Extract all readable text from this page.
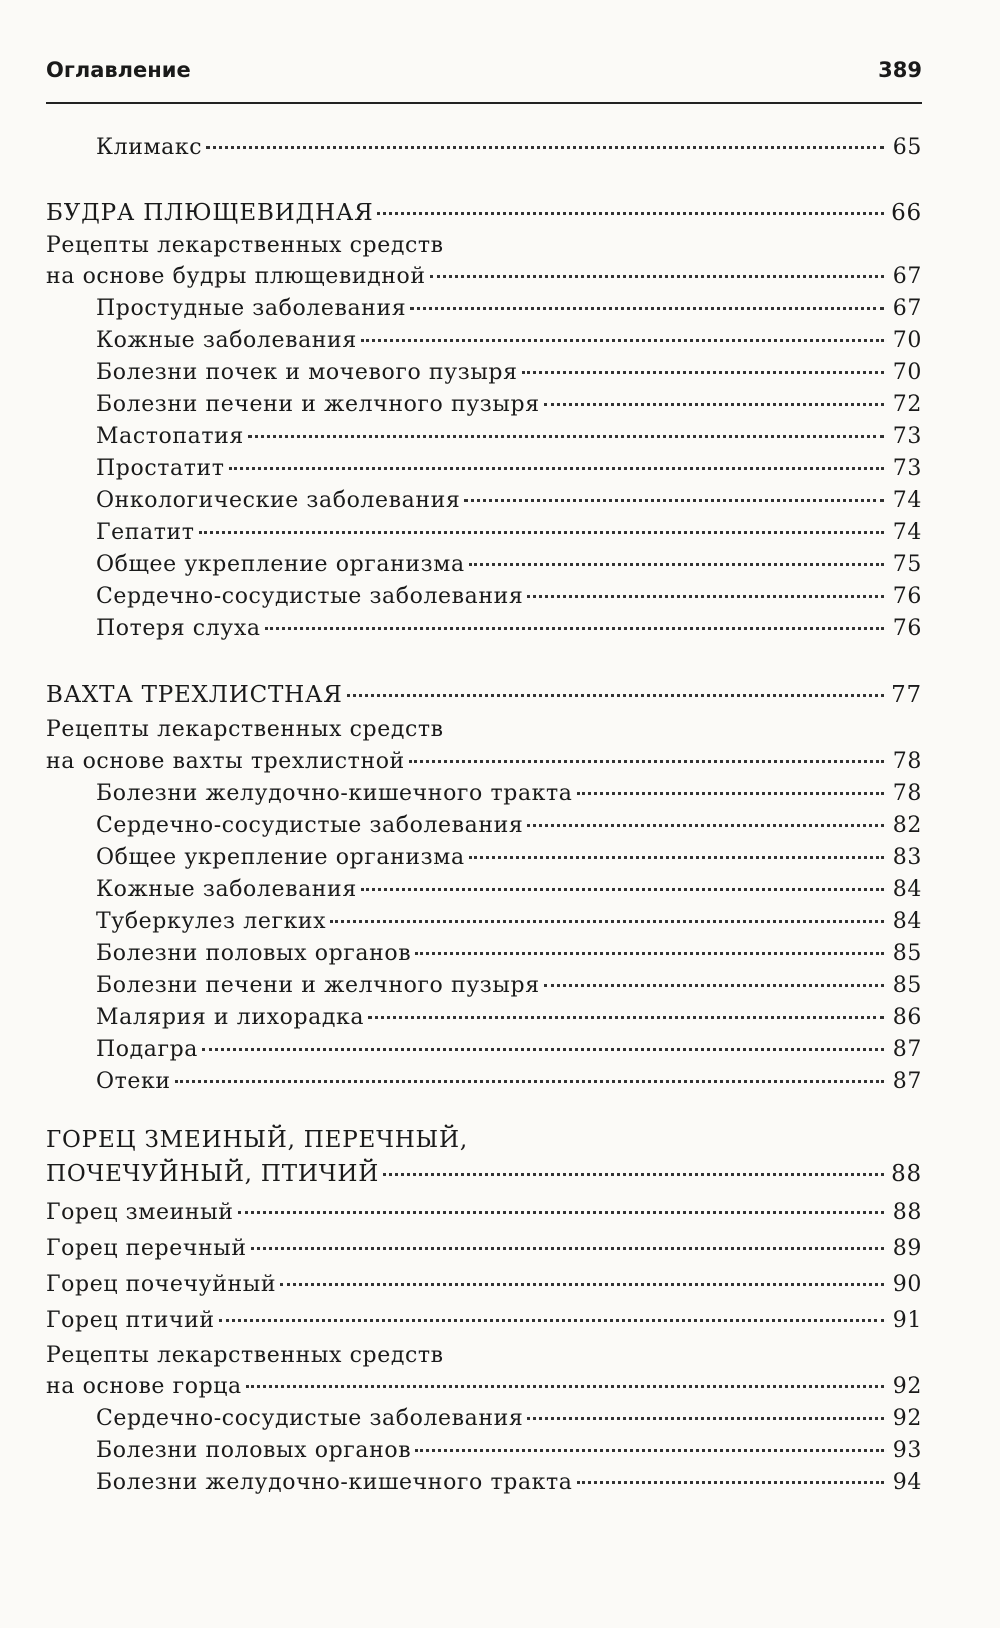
Оглавление	389
Климакс	65
БУДРА ПЛЮЩЕВИДНАЯ	66
Рецепты лекарственных средств
на основе будры плющевидной	67
Простудные заболевания	67
Кожные заболевания	70
Болезни почек и мочевого пузыря	70
Болезни печени и желчного пузыря	72
Мастопатия	73
Простатит	73
Онкологические заболевания	74
Гепатит	74
Общее укрепление организма	75
Сердечно-сосудистые заболевания	76
Потеря слуха	76
ВАХТА ТРЕХЛИСТНАЯ	77
Рецепты лекарственных средств
на основе вахты трехлистной	78
Болезни желудочно-кишечного тракта	78
Сердечно-сосудистые заболевания	82
Общее укрепление организма	83
Кожные заболевания	84
Туберкулез легких	84
Болезни половых органов	85
Болезни печени и желчного пузыря	85
Малярия и лихорадка	86
Подагра	87
Отеки	87
ГОРЕЦ ЗМЕИНЫЙ, ПЕРЕЧНЫЙ,
ПОЧЕЧУЙНЫЙ, ПТИЧИЙ	88
Горец змеиный	88
Горец перечный	89
Горец почечуйный	90
Горец птичий	91
Рецепты лекарственных средств
на основе горца	92
Сердечно-сосудистые заболевания	92
Болезни половых органов	93
Болезни желудочно-кишечного тракта	94
